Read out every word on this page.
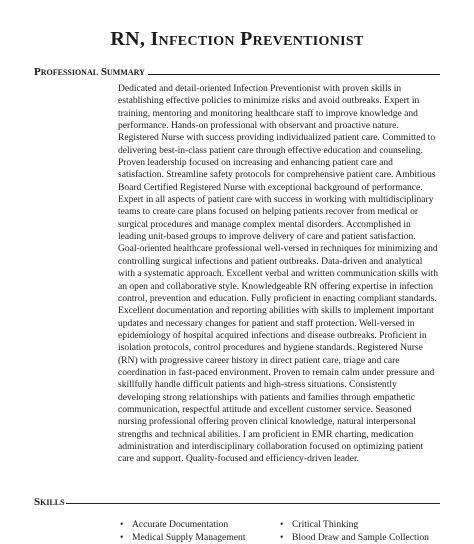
RN, Infection Preventionist
Professional Summary

Dedicated and detail-oriented Infection Preventionist with proven skills in establishing effective policies to minimize risks and avoid outbreaks. Expert in training, mentoring and monitoring healthcare staff to improve knowledge and performance. Hands-on professional with observant and proactive nature. Registered Nurse with success providing individualized patient care. Committed to delivering best-in-class patient care through effective education and counseling. Proven leadership focused on increasing and enhancing patient care and satisfaction. Streamline safety protocols for comprehensive patient care. Ambitious Board Certified Registered Nurse with exceptional background of performance. Expert in all aspects of patient care with success in working with multidisciplinary teams to create care plans focused on helping patients recover from medical or surgical procedures and manage complex mental disorders. Accomplished in leading unit-based groups to improve delivery of care and patient satisfaction. Goal-oriented healthcare professional well-versed in techniques for minimizing and controlling surgical infections and patient outbreaks. Data-driven and analytical with a systematic approach. Excellent verbal and written communication skills with an open and collaborative style. Knowledgeable RN offering expertise in infection control, prevention and education. Fully proficient in enacting compliant standards. Excellent documentation and reporting abilities with skills to implement important updates and necessary changes for patient and staff protection. Well-versed in epidemiology of hospital acquired infections and disease outbreaks. Proficient in isolation protocols, control procedures and hygiene standards. Registered Nurse (RN) with progressive career history in direct patient care, triage and care coordination in fast-paced environment. Proven to remain calm under pressure and skillfully handle difficult patients and high-stress situations. Consistently developing strong relationships with patients and families through empathetic communication, respectful attitude and excellent customer service. Seasoned nursing professional offering proven clinical knowledge, natural interpersonal strengths and technical abilities. I am proficient in EMR charting, medication administration and interdisciplinary collaboration focused on optimizing patient care and support. Quality-focused and efficiency-driven leader.

Skills
• Accurate Documentation	• Critical Thinking
• Medical Supply Management	• Blood Draw and Sample Collection
